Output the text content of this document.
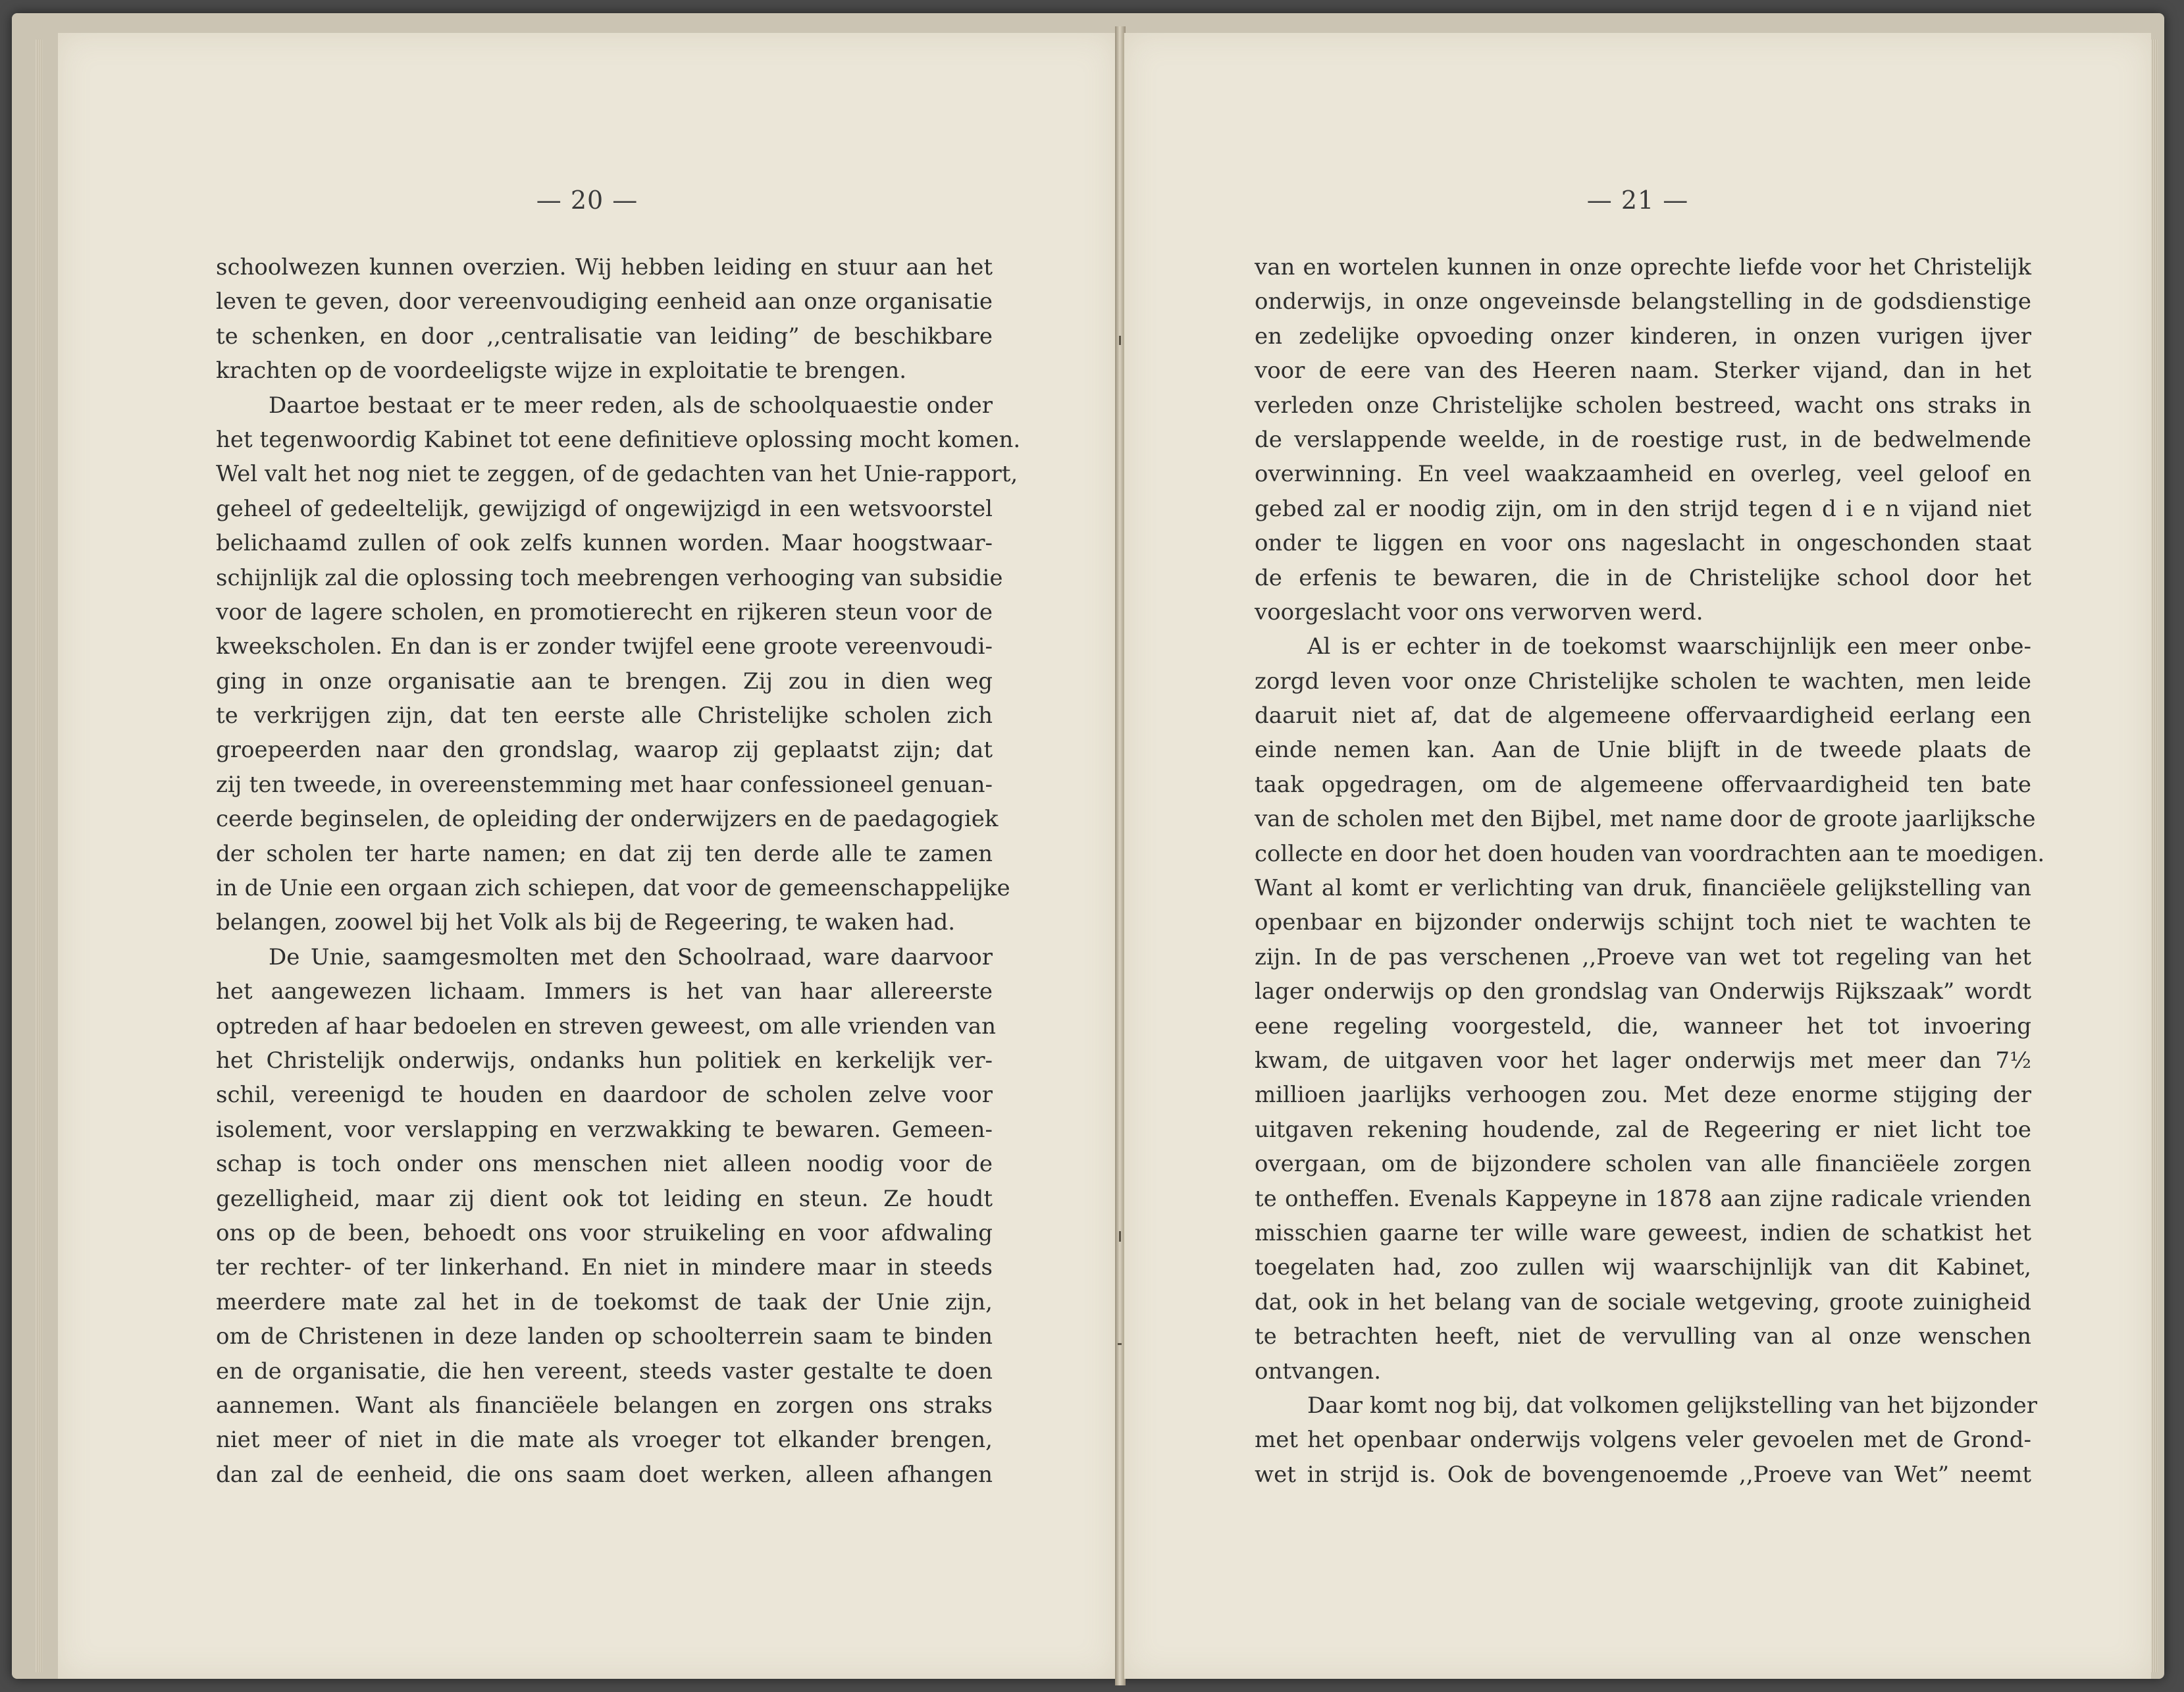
— 20 —
schoolwezen kunnen overzien. Wij hebben leiding en stuur aan het
leven te geven, door vereenvoudiging eenheid aan onze organisatie
te schenken, en door ,,centralisatie van leiding” de beschikbare
krachten op de voordeeligste wijze in exploitatie te brengen.
Daartoe bestaat er te meer reden, als de schoolquaestie onder
het tegenwoordig Kabinet tot eene definitieve oplossing mocht komen.
Wel valt het nog niet te zeggen, of de gedachten van het Unie-rapport,
geheel of gedeeltelijk, gewijzigd of ongewijzigd in een wetsvoorstel
belichaamd zullen of ook zelfs kunnen worden. Maar hoogstwaar-
schijnlijk zal die oplossing toch meebrengen verhooging van subsidie
voor de lagere scholen, en promotierecht en rijkeren steun voor de
kweekscholen. En dan is er zonder twijfel eene groote vereenvoudi-
ging in onze organisatie aan te brengen. Zij zou in dien weg
te verkrijgen zijn, dat ten eerste alle Christelijke scholen zich
groepeerden naar den grondslag, waarop zij geplaatst zijn; dat
zij ten tweede, in overeenstemming met haar confessioneel genuan-
ceerde beginselen, de opleiding der onderwijzers en de paedagogiek
der scholen ter harte namen; en dat zij ten derde alle te zamen
in de Unie een orgaan zich schiepen, dat voor de gemeenschappelijke
belangen, zoowel bij het Volk als bij de Regeering, te waken had.
De Unie, saamgesmolten met den Schoolraad, ware daarvoor
het aangewezen lichaam. Immers is het van haar allereerste
optreden af haar bedoelen en streven geweest, om alle vrienden van
het Christelijk onderwijs, ondanks hun politiek en kerkelijk ver-
schil, vereenigd te houden en daardoor de scholen zelve voor
isolement, voor verslapping en verzwakking te bewaren. Gemeen-
schap is toch onder ons menschen niet alleen noodig voor de
gezelligheid, maar zij dient ook tot leiding en steun. Ze houdt
ons op de been, behoedt ons voor struikeling en voor afdwaling
ter rechter- of ter linkerhand. En niet in mindere maar in steeds
meerdere mate zal het in de toekomst de taak der Unie zijn,
om de Christenen in deze landen op schoolterrein saam te binden
en de organisatie, die hen vereent, steeds vaster gestalte te doen
aannemen. Want als financiëele belangen en zorgen ons straks
niet meer of niet in die mate als vroeger tot elkander brengen,
dan zal de eenheid, die ons saam doet werken, alleen afhangen
— 21 —
van en wortelen kunnen in onze oprechte liefde voor het Christelijk
onderwijs, in onze ongeveinsde belangstelling in de godsdienstige
en zedelijke opvoeding onzer kinderen, in onzen vurigen ijver
voor de eere van des Heeren naam. Sterker vijand, dan in het
verleden onze Christelijke scholen bestreed, wacht ons straks in
de verslappende weelde, in de roestige rust, in de bedwelmende
overwinning. En veel waakzaamheid en overleg, veel geloof en
gebed zal er noodig zijn, om in den strijd tegen d i e n vijand niet
onder te liggen en voor ons nageslacht in ongeschonden staat
de erfenis te bewaren, die in de Christelijke school door het
voorgeslacht voor ons verworven werd.
Al is er echter in de toekomst waarschijnlijk een meer onbe-
zorgd leven voor onze Christelijke scholen te wachten, men leide
daaruit niet af, dat de algemeene offervaardigheid eerlang een
einde nemen kan. Aan de Unie blijft in de tweede plaats de
taak opgedragen, om de algemeene offervaardigheid ten bate
van de scholen met den Bijbel, met name door de groote jaarlijksche
collecte en door het doen houden van voordrachten aan te moedigen.
Want al komt er verlichting van druk, financiëele gelijkstelling van
openbaar en bijzonder onderwijs schijnt toch niet te wachten te
zijn. In de pas verschenen ,,Proeve van wet tot regeling van het
lager onderwijs op den grondslag van Onderwijs Rijkszaak” wordt
eene regeling voorgesteld, die, wanneer het tot invoering
kwam, de uitgaven voor het lager onderwijs met meer dan 7½
millioen jaarlijks verhoogen zou. Met deze enorme stijging der
uitgaven rekening houdende, zal de Regeering er niet licht toe
overgaan, om de bijzondere scholen van alle financiëele zorgen
te ontheffen. Evenals Kappeyne in 1878 aan zijne radicale vrienden
misschien gaarne ter wille ware geweest, indien de schatkist het
toegelaten had, zoo zullen wij waarschijnlijk van dit Kabinet,
dat, ook in het belang van de sociale wetgeving, groote zuinigheid
te betrachten heeft, niet de vervulling van al onze wenschen
ontvangen.
Daar komt nog bij, dat volkomen gelijkstelling van het bijzonder
met het openbaar onderwijs volgens veler gevoelen met de Grond-
wet in strijd is. Ook de bovengenoemde ,,Proeve van Wet” neemt
